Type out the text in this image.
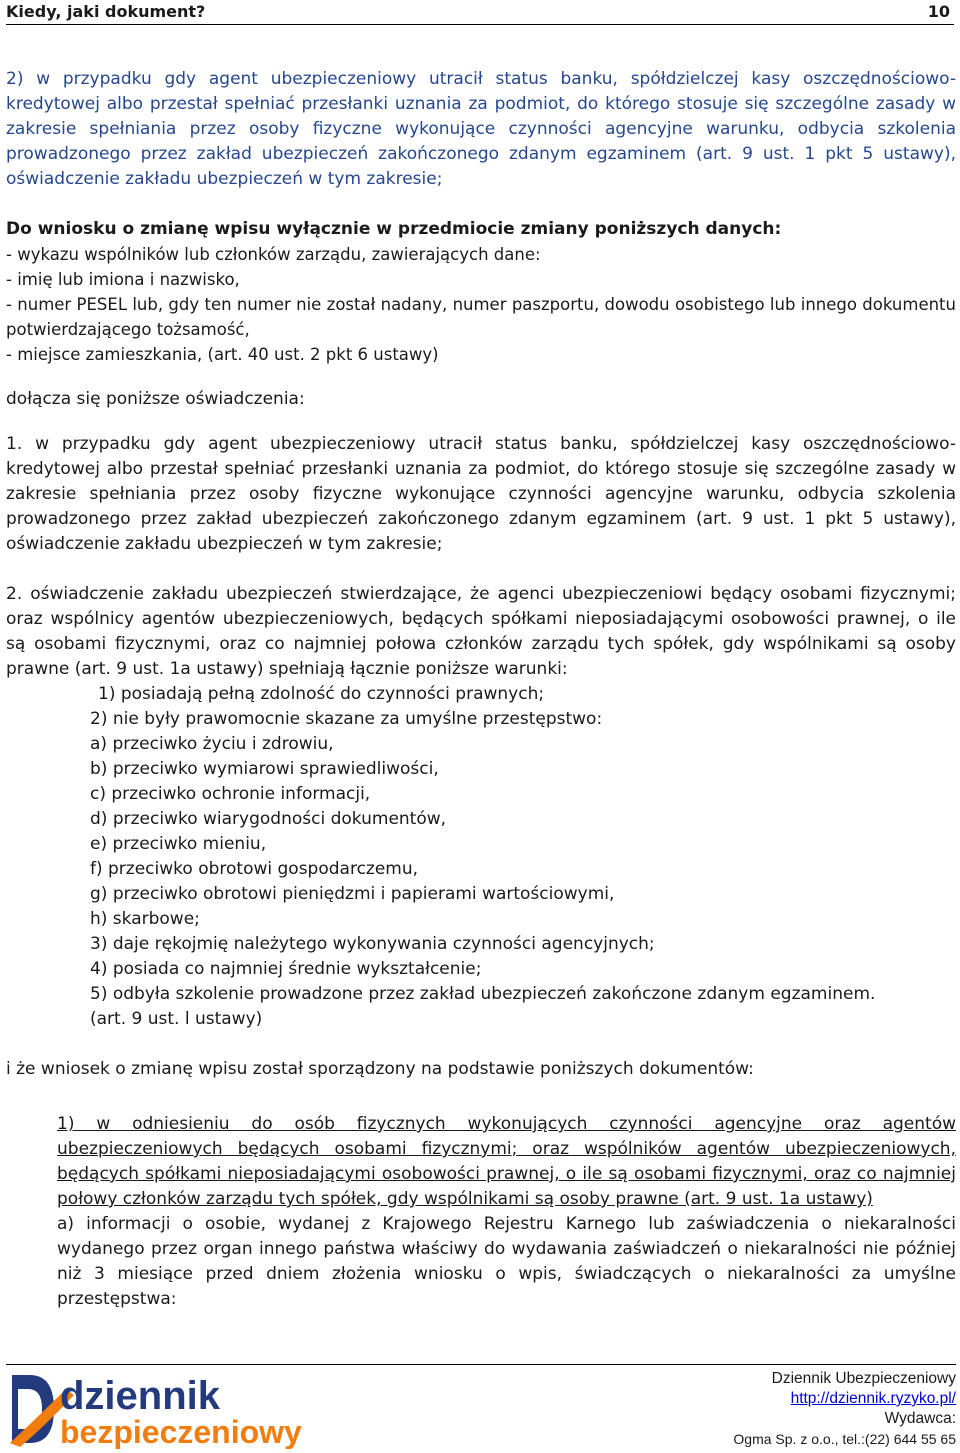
Kiedy, jaki dokument?	10

2) w przypadku gdy agent ubezpieczeniowy utracił status banku, spółdzielczej kasy oszczędnościowo-kredytowej albo przestał spełniać przesłanki uznania za podmiot, do którego stosuje się szczególne zasady w zakresie spełniania przez osoby fizyczne wykonujące czynności agencyjne warunku, odbycia szkolenia prowadzonego przez zakład ubezpieczeń zakończonego zdanym egzaminem (art. 9 ust. 1 pkt 5 ustawy), oświadczenie zakładu ubezpieczeń w tym zakresie;

Do wniosku o zmianę wpisu wyłącznie w przedmiocie zmiany poniższych danych:

- wykazu wspólników lub członków zarządu, zawierających dane:

- imię lub imiona i nazwisko,

- numer PESEL lub, gdy ten numer nie został nadany, numer paszportu, dowodu osobistego lub innego dokumentu potwierdzającego tożsamość,

- miejsce zamieszkania, (art. 40 ust. 2 pkt 6 ustawy)

dołącza się poniższe oświadczenia:

1. w przypadku gdy agent ubezpieczeniowy utracił status banku, spółdzielczej kasy oszczędnościowo-kredytowej albo przestał spełniać przesłanki uznania za podmiot, do którego stosuje się szczególne zasady w zakresie spełniania przez osoby fizyczne wykonujące czynności agencyjne warunku, odbycia szkolenia prowadzonego przez zakład ubezpieczeń zakończonego zdanym egzaminem (art. 9 ust. 1 pkt 5 ustawy), oświadczenie zakładu ubezpieczeń w tym zakresie;

2. oświadczenie zakładu ubezpieczeń stwierdzające, że agenci ubezpieczeniowi będący osobami fizycznymi; oraz wspólnicy agentów ubezpieczeniowych, będących spółkami nieposiadającymi osobowości prawnej, o ile są osobami fizycznymi, oraz co najmniej połowa członków zarządu tych spółek, gdy wspólnikami są osoby prawne (art. 9 ust. 1a ustawy) spełniają łącznie poniższe warunki:

1) posiadają pełną zdolność do czynności prawnych;

2) nie były prawomocnie skazane za umyślne przestępstwo:

a) przeciwko życiu i zdrowiu,

b) przeciwko wymiarowi sprawiedliwości,

c) przeciwko ochronie informacji,

d) przeciwko wiarygodności dokumentów,

e) przeciwko mieniu,

f) przeciwko obrotowi gospodarczemu,

g) przeciwko obrotowi pieniędzmi i papierami wartościowymi,

h) skarbowe;

3) daje rękojmię należytego wykonywania czynności agencyjnych;

4) posiada co najmniej średnie wykształcenie;

5) odbyła szkolenie prowadzone przez zakład ubezpieczeń zakończone zdanym egzaminem.

(art. 9 ust. l ustawy)

i że wniosek o zmianę wpisu został sporządzony na podstawie poniższych dokumentów:

1) w odniesieniu do osób fizycznych wykonujących czynności agencyjne oraz agentów ubezpieczeniowych będących osobami fizycznymi; oraz wspólników agentów ubezpieczeniowych, będących spółkami nieposiadającymi osobowości prawnej, o ile są osobami fizycznymi, oraz co najmniej połowy członków zarządu tych spółek, gdy wspólnikami są osoby prawne (art. 9 ust. 1a ustawy)

a) informacji o osobie, wydanej z Krajowego Rejestru Karnego lub zaświadczenia o niekaralności wydanego przez organ innego państwa właściwy do wydawania zaświadczeń o niekaralności nie później niż 3 miesiące przed dniem złożenia wniosku o wpis, świadczących o niekaralności za umyślne przestępstwa:

dziennik
bezpieczeniowy
Dziennik Ubezpieczeniowy
http://dziennik.ryzyko.pl/
Wydawca:
Ogma Sp. z o.o., tel.:(22) 644 55 65
